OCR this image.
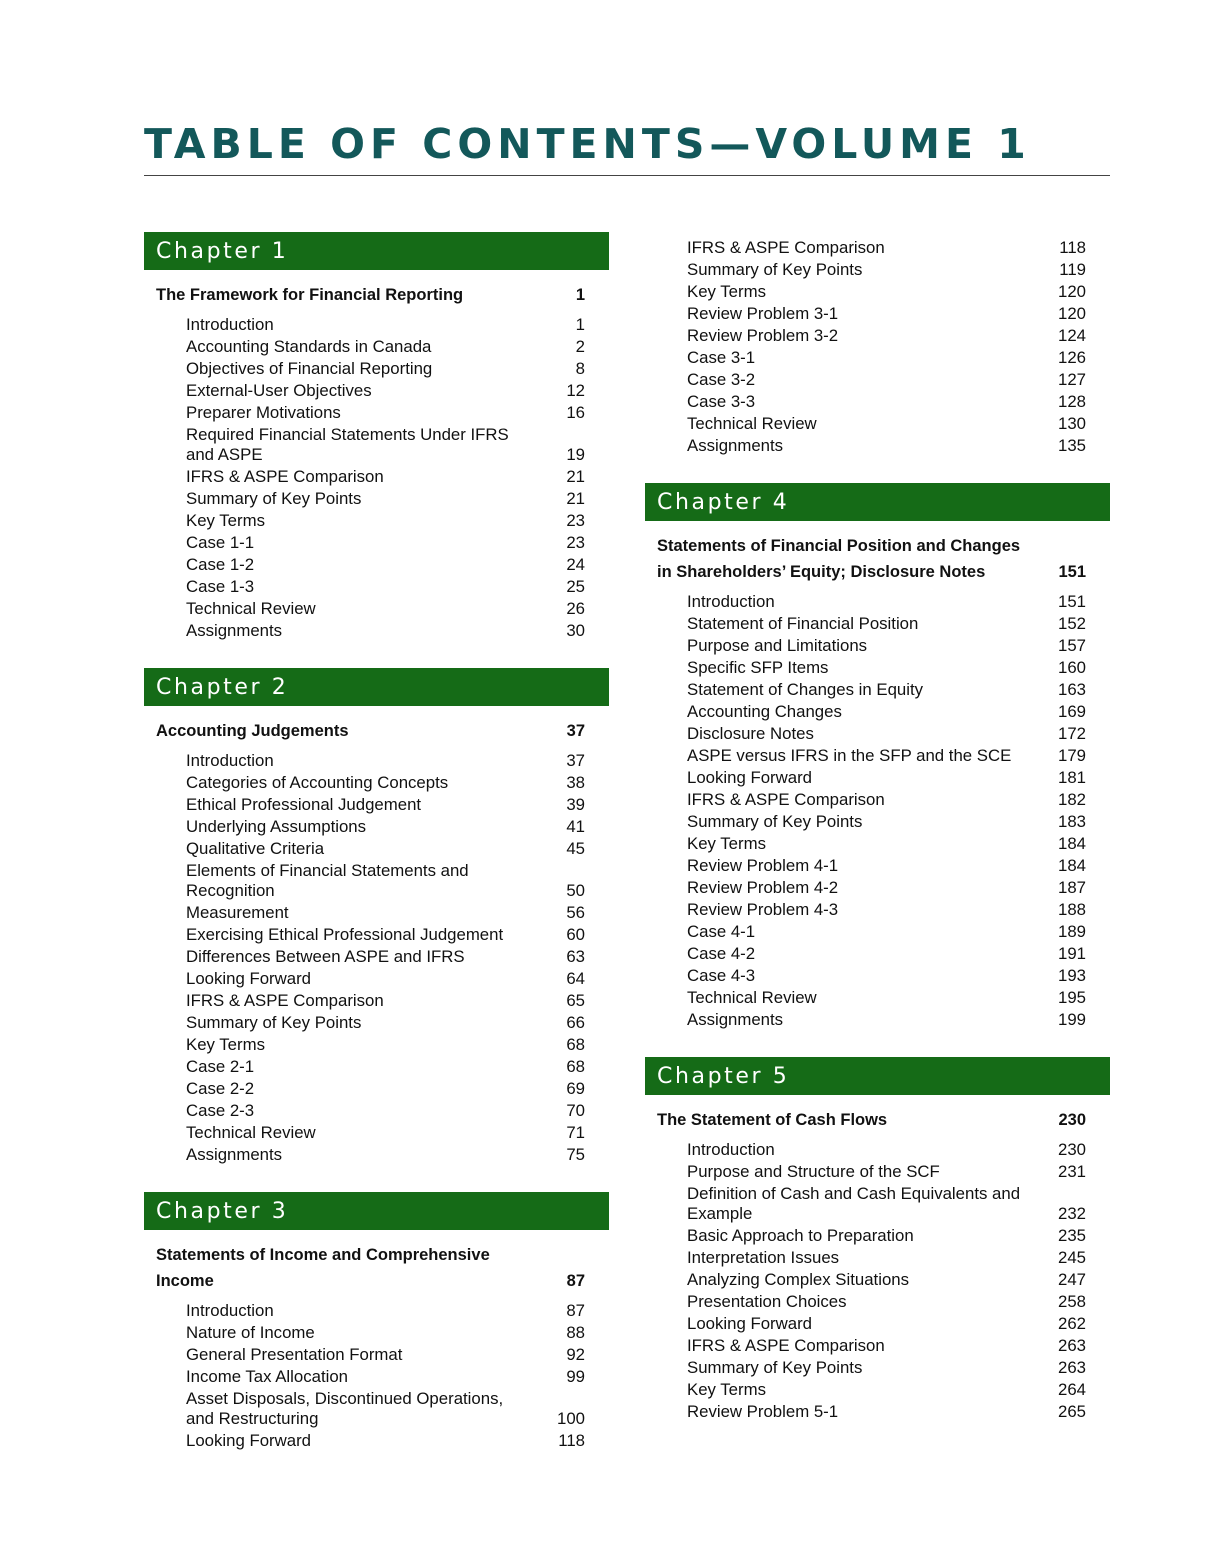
TABLE OF CONTENTS—VOLUME 1
Chapter 1
The Framework for Financial Reporting	1
Introduction	1
Accounting Standards in Canada	2
Objectives of Financial Reporting	8
External-User Objectives	12
Preparer Motivations	16
Required Financial Statements Under IFRS and ASPE	19
IFRS & ASPE Comparison	21
Summary of Key Points	21
Key Terms	23
Case 1-1	23
Case 1-2	24
Case 1-3	25
Technical Review	26
Assignments	30
Chapter 2
Accounting Judgements	37
Introduction	37
Categories of Accounting Concepts	38
Ethical Professional Judgement	39
Underlying Assumptions	41
Qualitative Criteria	45
Elements of Financial Statements and Recognition	50
Measurement	56
Exercising Ethical Professional Judgement	60
Differences Between ASPE and IFRS	63
Looking Forward	64
IFRS & ASPE Comparison	65
Summary of Key Points	66
Key Terms	68
Case 2-1	68
Case 2-2	69
Case 2-3	70
Technical Review	71
Assignments	75
Chapter 3
Statements of Income and Comprehensive Income	87
Introduction	87
Nature of Income	88
General Presentation Format	92
Income Tax Allocation	99
Asset Disposals, Discontinued Operations, and Restructuring	100
Looking Forward	118
IFRS & ASPE Comparison	118
Summary of Key Points	119
Key Terms	120
Review Problem 3-1	120
Review Problem 3-2	124
Case 3-1	126
Case 3-2	127
Case 3-3	128
Technical Review	130
Assignments	135
Chapter 4
Statements of Financial Position and Changes in Shareholders’ Equity; Disclosure Notes	151
Introduction	151
Statement of Financial Position	152
Purpose and Limitations	157
Specific SFP Items	160
Statement of Changes in Equity	163
Accounting Changes	169
Disclosure Notes	172
ASPE versus IFRS in the SFP and the SCE	179
Looking Forward	181
IFRS & ASPE Comparison	182
Summary of Key Points	183
Key Terms	184
Review Problem 4-1	184
Review Problem 4-2	187
Review Problem 4-3	188
Case 4-1	189
Case 4-2	191
Case 4-3	193
Technical Review	195
Assignments	199
Chapter 5
The Statement of Cash Flows	230
Introduction	230
Purpose and Structure of the SCF	231
Definition of Cash and Cash Equivalents and Example	232
Basic Approach to Preparation	235
Interpretation Issues	245
Analyzing Complex Situations	247
Presentation Choices	258
Looking Forward	262
IFRS & ASPE Comparison	263
Summary of Key Points	263
Key Terms	264
Review Problem 5-1	265
